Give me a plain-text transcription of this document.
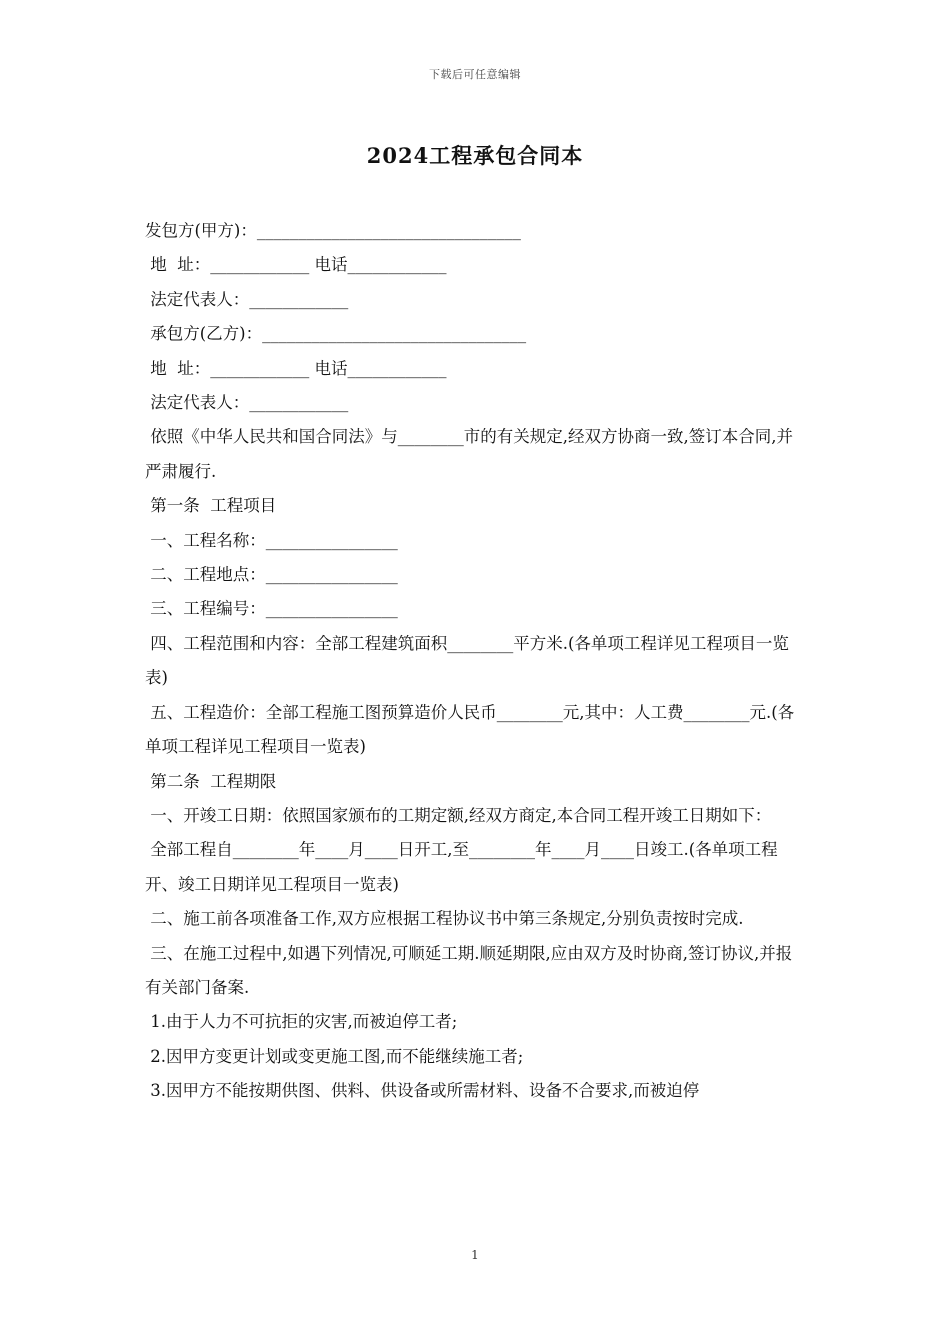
下载后可任意编辑
2024工程承包合同本

发包方(甲方)：________________________________

地  址：____________ 电话____________

法定代表人：____________

承包方(乙方)：________________________________

地  址：____________ 电话____________

法定代表人：____________

依照《中华人民共和国合同法》与________市的有关规定,经双方协商一致,签订本合同,并严肃履行.

第一条  工程项目

一、工程名称：________________

二、工程地点：________________

三、工程编号：________________

四、工程范围和内容：全部工程建筑面积________平方米.(各单项工程详见工程项目一览表)

五、工程造价：全部工程施工图预算造价人民币________元,其中：人工费________元.(各单项工程详见工程项目一览表)

第二条  工程期限

一、开竣工日期：依照国家颁布的工期定额,经双方商定,本合同工程开竣工日期如下：

全部工程自________年____月____日开工,至________年____月____日竣工.(各单项工程开、竣工日期详见工程项目一览表)

二、施工前各项准备工作,双方应根据工程协议书中第三条规定,分别负责按时完成.

三、在施工过程中,如遇下列情况,可顺延工期.顺延期限,应由双方及时协商,签订协议,并报有关部门备案.

1.由于人力不可抗拒的灾害,而被迫停工者;

2.因甲方变更计划或变更施工图,而不能继续施工者;

3.因甲方不能按期供图、供料、供设备或所需材料、设备不合要求,而被迫停

1
